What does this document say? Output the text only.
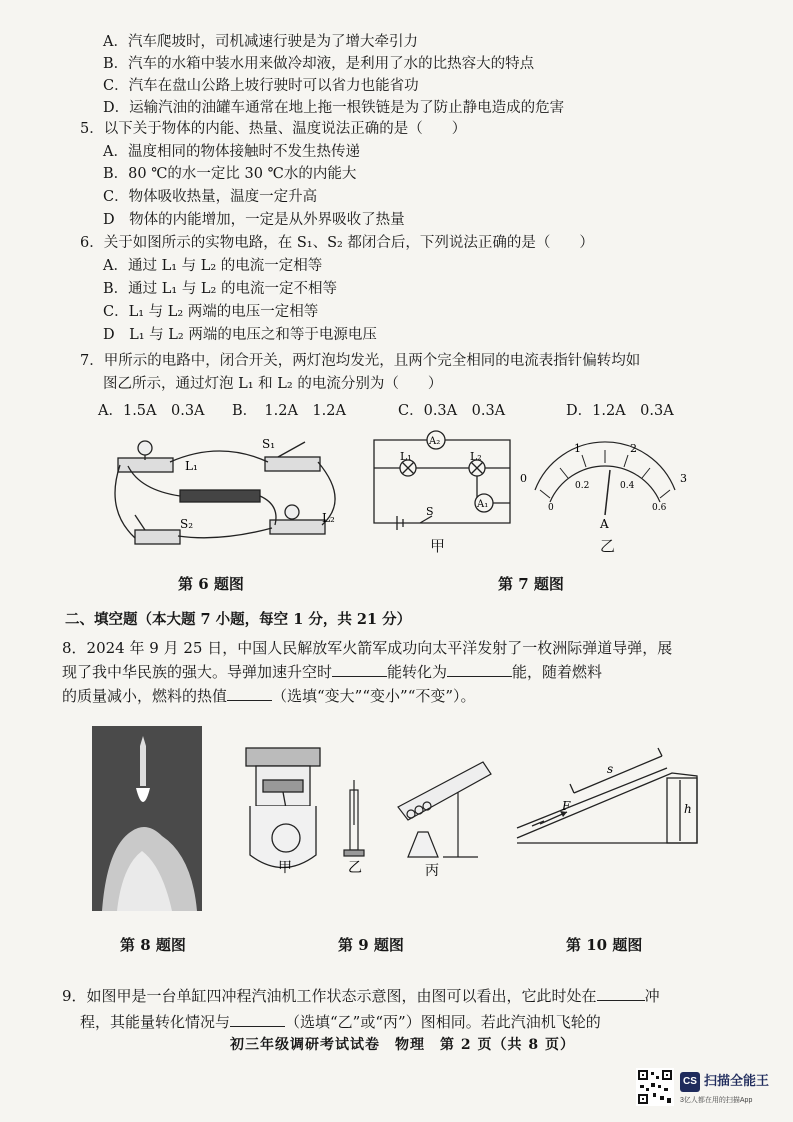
A．汽车爬坡时，司机减速行驶是为了增大牵引力
B．汽车的水箱中装水用来做冷却液，是利用了水的比热容大的特点
C．汽车在盘山公路上坡行驶时可以省力也能省功
D．运输汽油的油罐车通常在地上拖一根铁链是为了防止静电造成的危害
5．以下关于物体的内能、热量、温度说法正确的是（　　）
A．温度相同的物体接触时不发生热传递
B．80 ℃的水一定比 30 ℃水的内能大
C．物体吸收热量，温度一定升高
D　物体的内能增加，一定是从外界吸收了热量
6．关于如图所示的实物电路，在 S₁、S₂ 都闭合后，下列说法正确的是（　　）
A．通过 L₁ 与 L₂ 的电流一定相等
B．通过 L₁ 与 L₂ 的电流一定不相等
C．L₁ 与 L₂ 两端的电压一定相等
D　L₁ 与 L₂ 两端的电压之和等于电源电压
7．甲所示的电路中，闭合开关，两灯泡均发光，且两个完全相同的电流表指针偏转均如
图乙所示，通过灯泡 L₁ 和 L₂ 的电流分别为（　　）
A．1.5A　0.3A B．　1.2A　1.2A	C．0.3A　0.3A	D．1.2A　0.3A
L₁
S₁
S₂	L₂
第 6 题图
A₂
L₁	L₂
A₁
S
甲
0
1	2
3
0
0.2	0.4
0.6
A
乙
第 7 题图
二、填空题（本大题 7 小题，每空 1 分，共 21 分）
8．2024 年 9 月 25 日，中国人民解放军火箭军成功向太平洋发射了一枚洲际弹道导弹，展
现了我中华民族的强大。导弹加速升空时	能转化为	能，随着燃料
的质量减小，燃料的热值	（选填“变大”“变小”“不变”）。
第 8 题图
甲	乙	丙
第 9 题图
s
F	h
第 10 题图
9．如图甲是一台单缸四冲程汽油机工作状态示意图，由图可以看出，它此时处在	冲
程，其能量转化情况与	（选填“乙”或“丙”）图相同。若此汽油机飞轮的
初三年级调研考试试卷　物理　第 2 页（共 8 页）
CS 扫描全能王
3亿人都在用的扫描App
